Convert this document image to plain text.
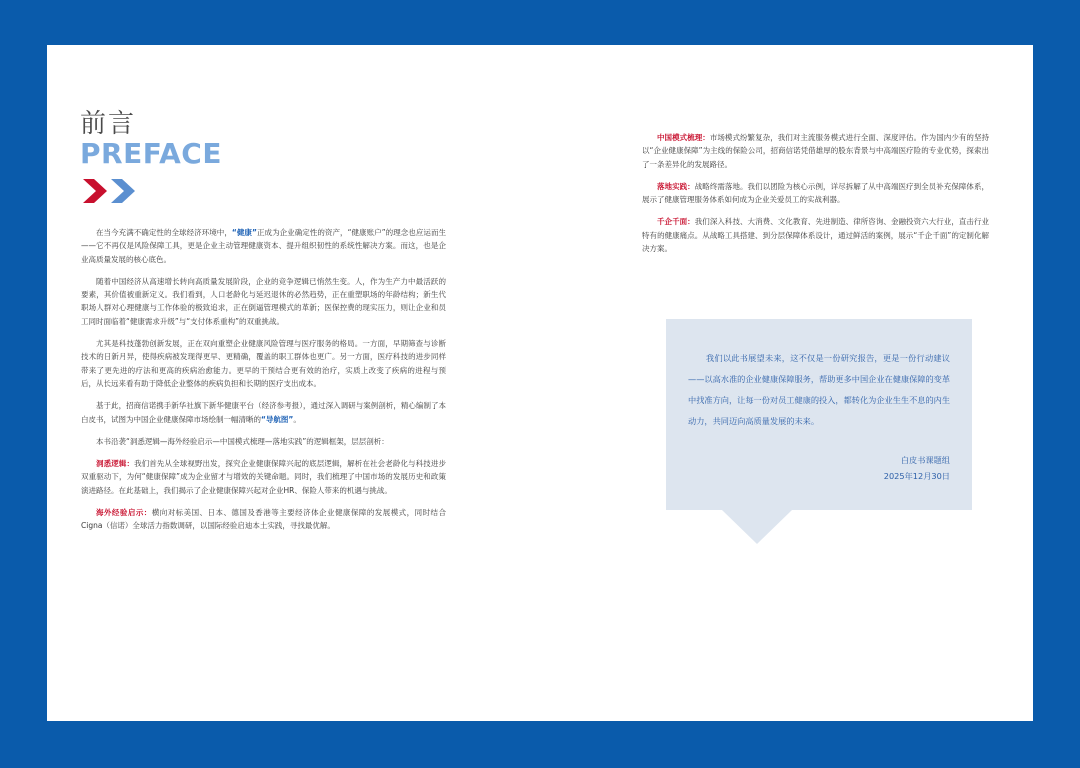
前言
PREFACE

在当今充满不确定性的全球经济环境中，“健康”正成为企业确定性的资产，“健康账户”的理念也应运而生——它不再仅是风险保障工具，更是企业主动管理健康资本、提升组织韧性的系统性解决方案。而这，也是企业高质量发展的核心底色。

随着中国经济从高速增长转向高质量发展阶段，企业的竞争逻辑已悄然生变。人，作为生产力中最活跃的要素，其价值被重新定义。我们看到，人口老龄化与延迟退休的必然趋势，正在重塑职场的年龄结构；新生代职场人群对心理健康与工作体验的极致追求，正在倒逼管理模式的革新；医保控费的现实压力，则让企业和员工同时面临着“健康需求升级”与“支付体系重构”的双重挑战。

尤其是科技蓬勃创新发展，正在双向重塑企业健康风险管理与医疗服务的格局。一方面，早期筛查与诊断技术的日新月异，使得疾病被发现得更早、更精确，覆盖的职工群体也更广。另一方面，医疗科技的进步同样带来了更先进的疗法和更高的疾病治愈能力。更早的干预结合更有效的治疗，实质上改变了疾病的进程与预后，从长远来看有助于降低企业整体的疾病负担和长期的医疗支出成本。

基于此，招商信诺携手新华社旗下新华健康平台（经济参考报），通过深入调研与案例剖析，精心编制了本白皮书，试图为中国企业健康保障市场绘制一幅清晰的“导航图”。

本书沿袭“洞悉逻辑—海外经验启示—中国模式梳理—落地实践”的逻辑框架，层层剖析：

洞悉逻辑：我们首先从全球视野出发，探究企业健康保障兴起的底层逻辑，解析在社会老龄化与科技进步双重驱动下，为何“健康保障”成为企业留才与增效的关键命题。同时，我们梳理了中国市场的发展历史和政策演进路径。在此基础上，我们揭示了企业健康保障兴起对企业HR、保险人带来的机遇与挑战。

海外经验启示：横向对标美国、日本、德国及香港等主要经济体企业健康保障的发展模式，同时结合Cigna（信诺）全球活力指数调研，以国际经验启迪本土实践，寻找最优解。

中国模式梳理：市场模式纷繁复杂，我们对主流服务模式进行全面、深度评估。作为国内少有的坚持以“企业健康保障”为主线的保险公司，招商信诺凭借雄厚的股东背景与中高端医疗险的专业优势，探索出了一条差异化的发展路径。

落地实践：战略终需落地。我们以团险为核心示例，详尽拆解了从中高端医疗到全员补充保障体系，展示了健康管理服务体系如何成为企业关爱员工的实战利器。

千企千面：我们深入科技、大消费、文化教育、先进制造、律所咨询、金融投资六大行业，直击行业特有的健康痛点。从战略工具搭建、到分层保障体系设计，通过鲜活的案例，展示“千企千面”的定制化解决方案。

我们以此书展望未来，这不仅是一份研究报告，更是一份行动建议——以高水准的企业健康保障服务，帮助更多中国企业在健康保障的变革中找准方向，让每一份对员工健康的投入，都转化为企业生生不息的内生动力，共同迈向高质量发展的未来。
白皮书课题组
2025年12月30日
